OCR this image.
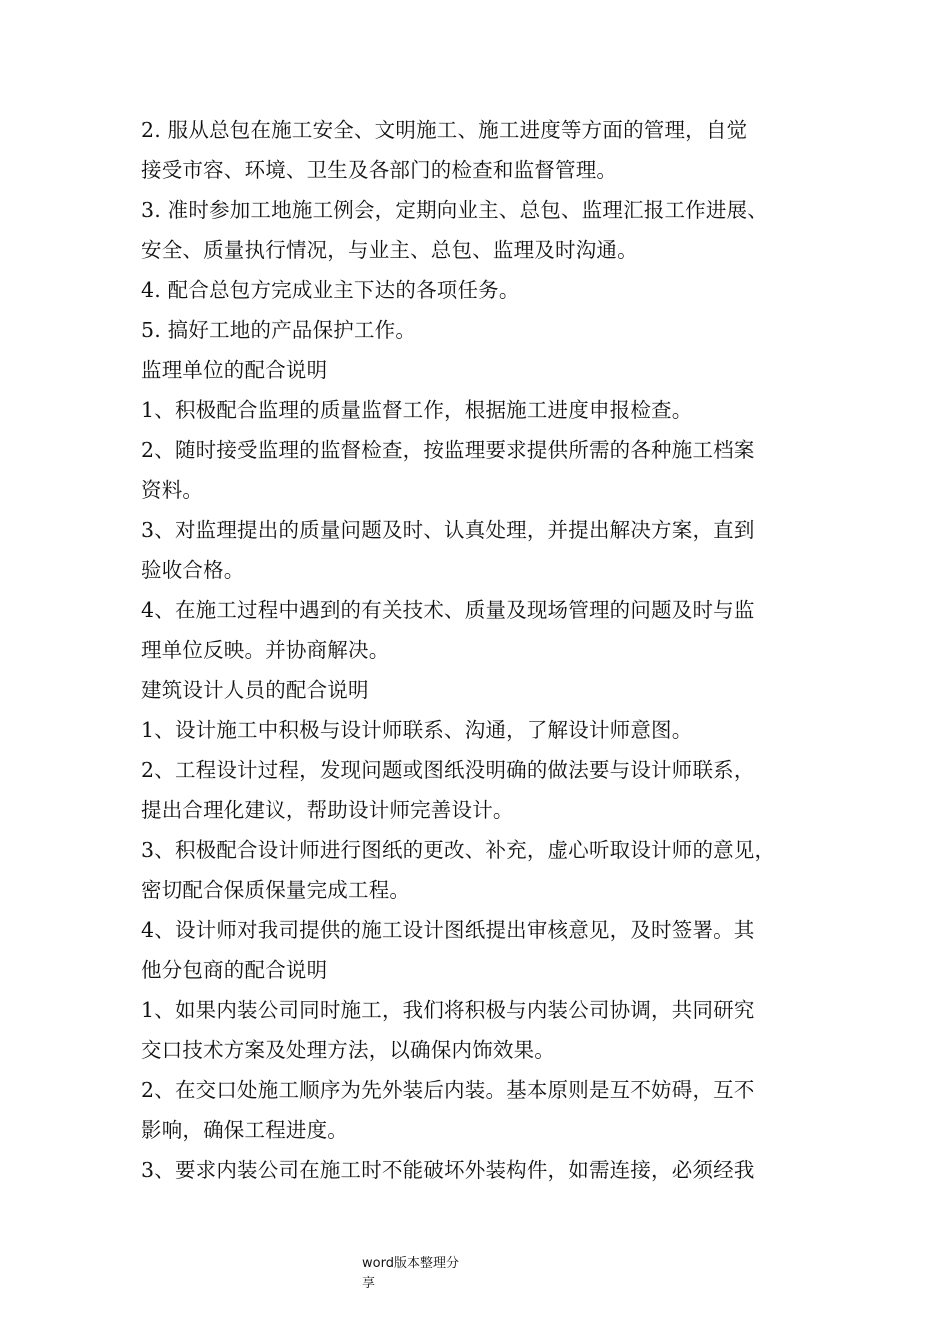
2. 服从总包在施工安全、文明施工、施工进度等方面的管理，自觉
接受市容、环境、卫生及各部门的检查和监督管理。
3. 准时参加工地施工例会，定期向业主、总包、监理汇报工作进展、
安全、质量执行情况，与业主、总包、监理及时沟通。
4. 配合总包方完成业主下达的各项任务。
5. 搞好工地的产品保护工作。
监理单位的配合说明
1、积极配合监理的质量监督工作，根据施工进度申报检查。
2、随时接受监理的监督检查，按监理要求提供所需的各种施工档案
资料。
3、对监理提出的质量问题及时、认真处理，并提出解决方案，直到
验收合格。
4、在施工过程中遇到的有关技术、质量及现场管理的问题及时与监
理单位反映。并协商解决。
建筑设计人员的配合说明
1、设计施工中积极与设计师联系、沟通，了解设计师意图。
2、工程设计过程，发现问题或图纸没明确的做法要与设计师联系，
提出合理化建议，帮助设计师完善设计。
3、积极配合设计师进行图纸的更改、补充，虚心听取设计师的意见，
密切配合保质保量完成工程。
4、设计师对我司提供的施工设计图纸提出审核意见，及时签署。其
他分包商的配合说明
1、如果内装公司同时施工，我们将积极与内装公司协调，共同研究
交口技术方案及处理方法，以确保内饰效果。
2、在交口处施工顺序为先外装后内装。基本原则是互不妨碍，互不
影响，确保工程进度。
3、要求内装公司在施工时不能破坏外装构件，如需连接，必须经我
word版本整理分
享
